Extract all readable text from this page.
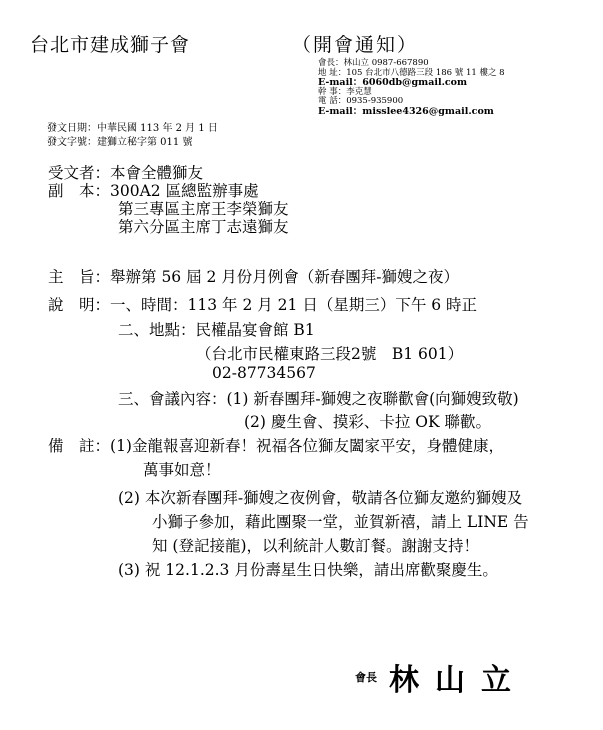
台北市建成獅子會	（開會通知）
會長：林山立 0987-667890
地 址：105 台北市八德路三段 186 號 11 樓之 8
E-mail：6060db@gmail.com
幹 事：李克慧
電 話：0935-935900
E-mail：misslee4326@gmail.com
發文日期：中華民國 113 年 2 月 1 日
發文字號：建獅立秘字第 011 號
受文者：本會全體獅友
副　本：300A2 區總監辦事處
第三專區主席王李榮獅友
第六分區主席丁志遠獅友
主　旨：舉辦第 56 屆 2 月份月例會（新春團拜-獅嫂之夜）
說　明：一、時間：113 年 2 月 21 日（星期三）下午 6 時正
二、地點：民權晶宴會館 B1
（台北市民權東路三段2號　B1 601）
02-87734567
三、會議內容：(1) 新春團拜-獅嫂之夜聯歡會(向獅嫂致敬)
(2) 慶生會、摸彩、卡拉 OK 聯歡。
備　註：(1)金龍報喜迎新春！祝福各位獅友闔家平安，身體健康，
萬事如意！
(2) 本次新春團拜-獅嫂之夜例會，敬請各位獅友邀約獅嫂及
小獅子參加，藉此團聚一堂，並賀新禧，請上 LINE 告
知 (登記接龍)，以利統計人數訂餐。謝謝支持！
(3) 祝 12.1.2.3 月份壽星生日快樂，請出席歡聚慶生。
會長 林山立
